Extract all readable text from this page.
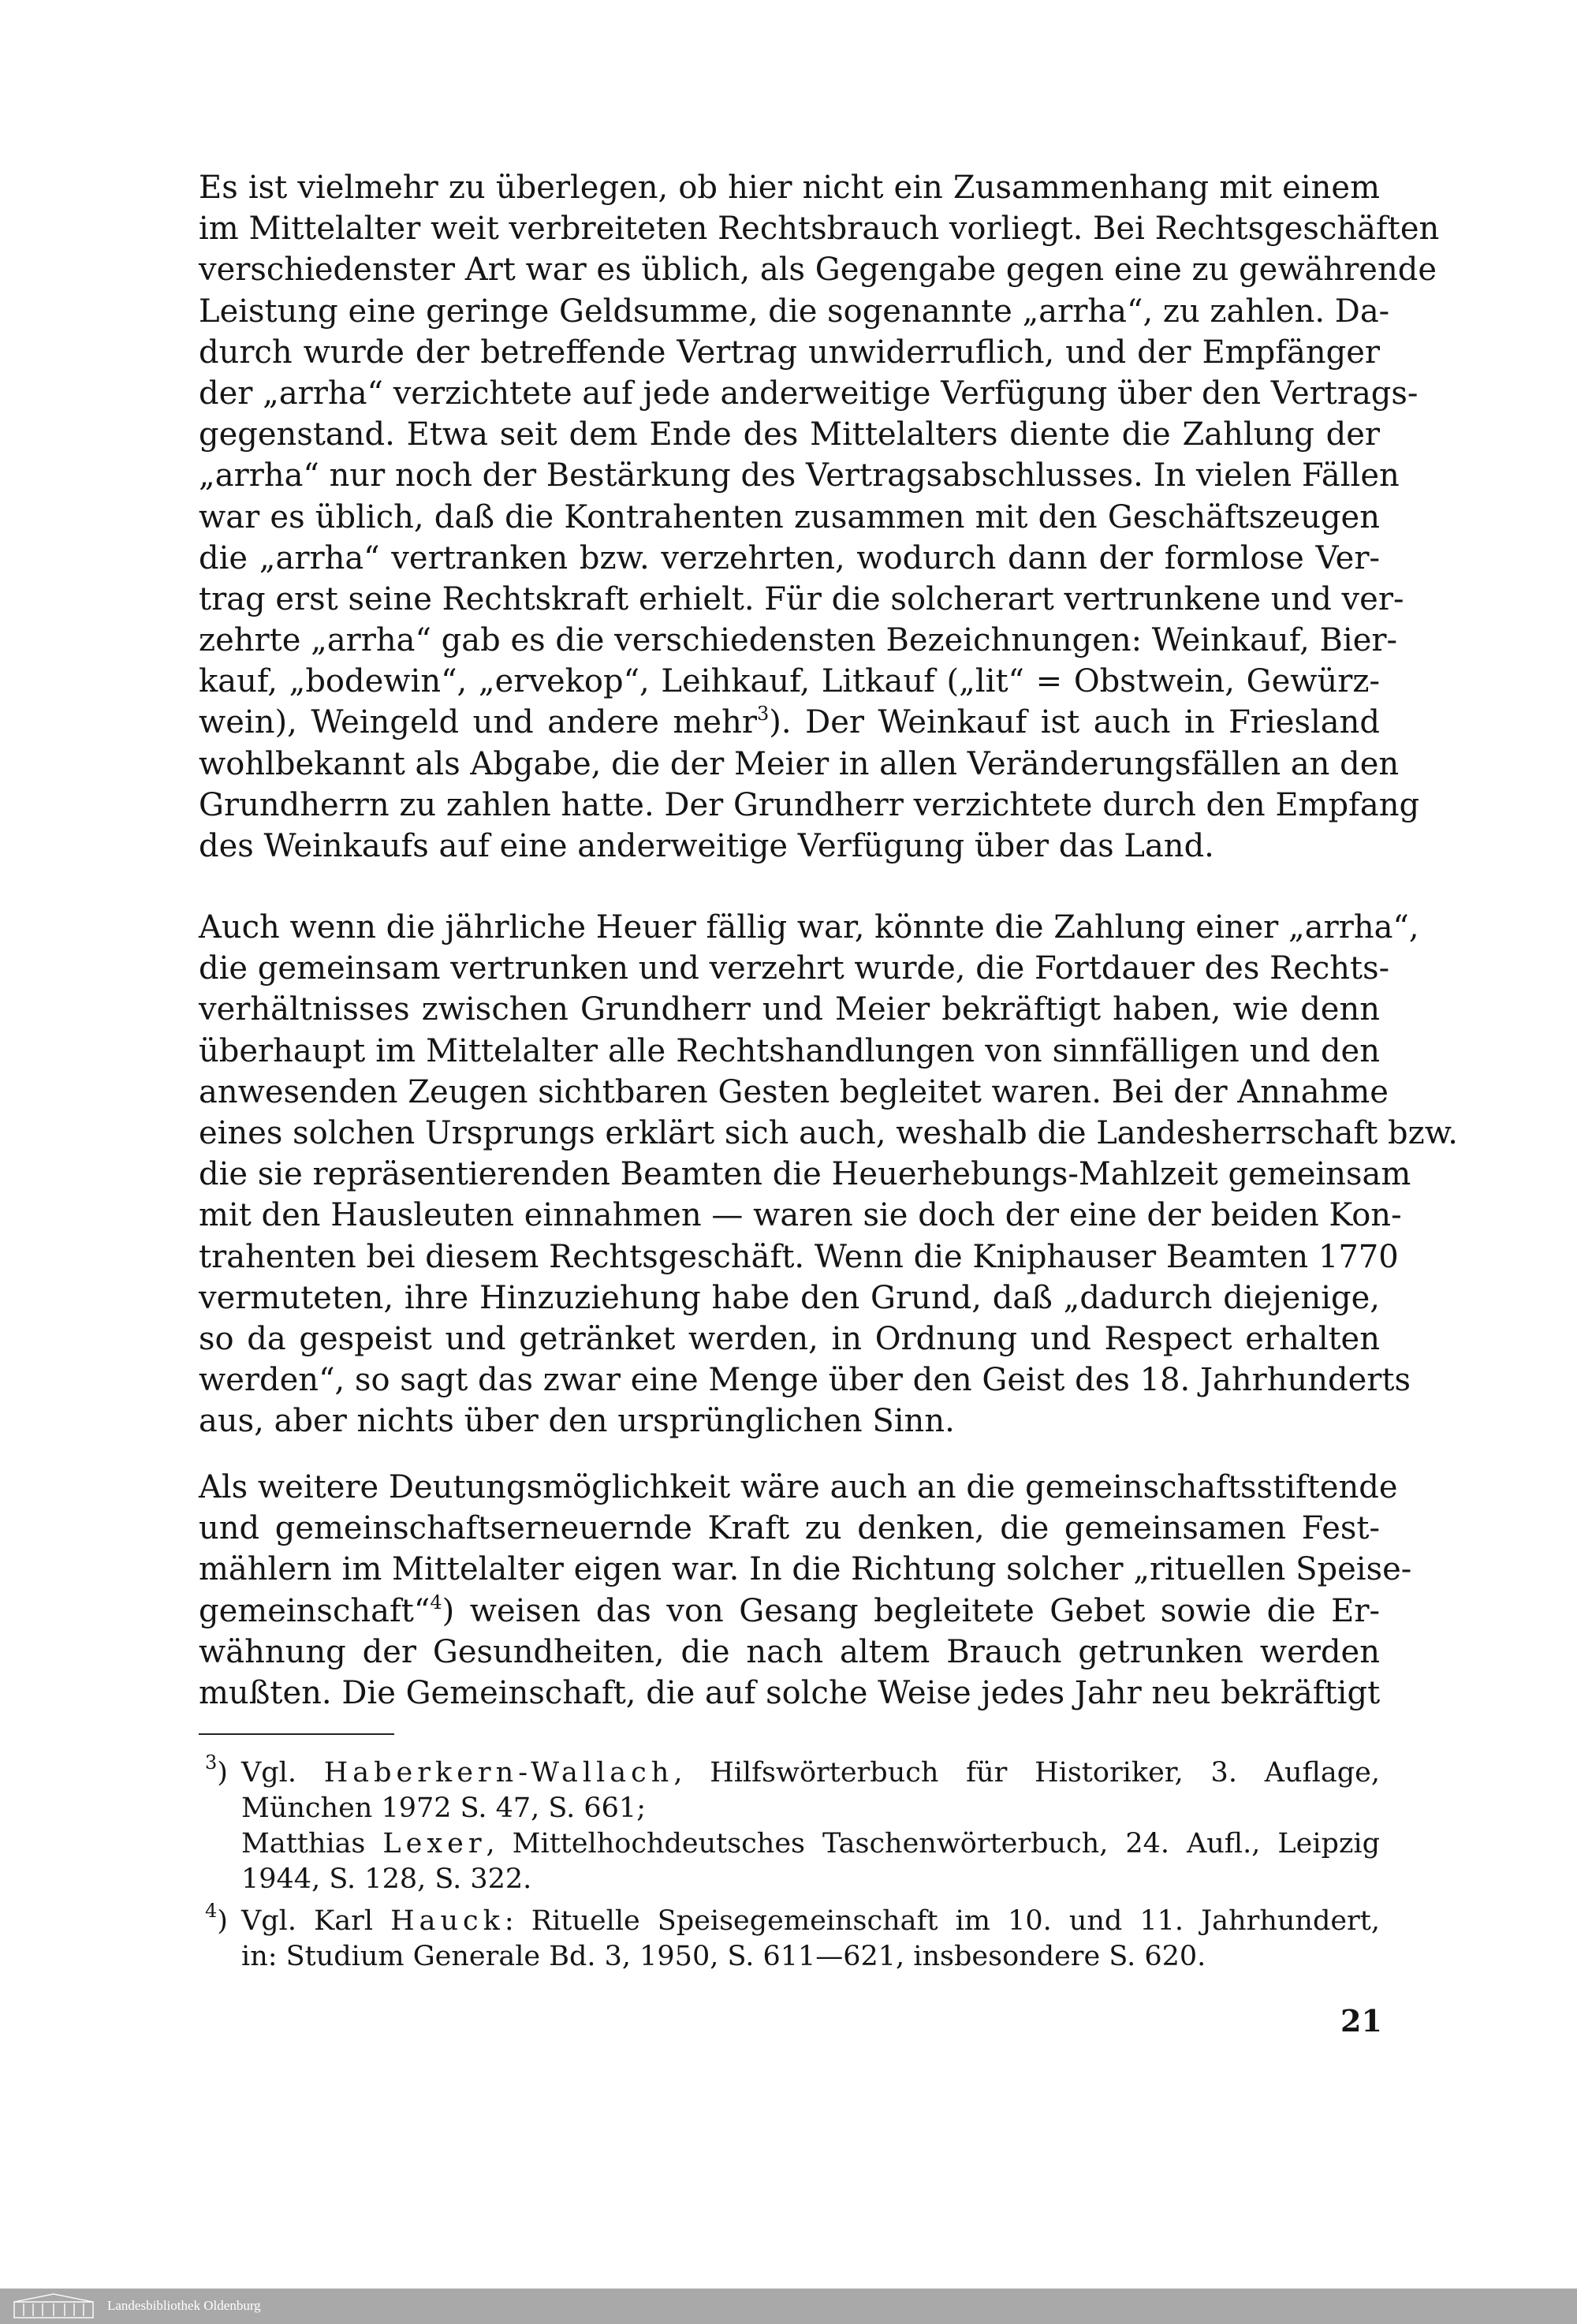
Es ist vielmehr zu überlegen, ob hier nicht ein Zusammenhang mit einem
im Mittelalter weit verbreiteten Rechtsbrauch vorliegt. Bei Rechtsgeschäften
verschiedenster Art war es üblich, als Gegengabe gegen eine zu gewährende
Leistung eine geringe Geldsumme, die sogenannte „arrha“, zu zahlen. Da-
durch wurde der betreffende Vertrag unwiderruflich, und der Empfänger
der „arrha“ verzichtete auf jede anderweitige Verfügung über den Vertrags-
gegenstand. Etwa seit dem Ende des Mittelalters diente die Zahlung der
„arrha“ nur noch der Bestärkung des Vertragsabschlusses. In vielen Fällen
war es üblich, daß die Kontrahenten zusammen mit den Geschäftszeugen
die „arrha“ vertranken bzw. verzehrten, wodurch dann der formlose Ver-
trag erst seine Rechtskraft erhielt. Für die solcherart vertrunkene und ver-
zehrte „arrha“ gab es die verschiedensten Bezeichnungen: Weinkauf, Bier-
kauf, „bodewin“, „ervekop“, Leihkauf, Litkauf („lit“ = Obstwein, Gewürz-
wein), Weingeld und andere mehr$^3$). Der Weinkauf ist auch in Friesland
wohlbekannt als Abgabe, die der Meier in allen Veränderungsfällen an den
Grundherrn zu zahlen hatte. Der Grundherr verzichtete durch den Empfang
des Weinkaufs auf eine anderweitige Verfügung über das Land.
Auch wenn die jährliche Heuer fällig war, könnte die Zahlung einer „arrha“,
die gemeinsam vertrunken und verzehrt wurde, die Fortdauer des Rechts-
verhältnisses zwischen Grundherr und Meier bekräftigt haben, wie denn
überhaupt im Mittelalter alle Rechtshandlungen von sinnfälligen und den
anwesenden Zeugen sichtbaren Gesten begleitet waren. Bei der Annahme
eines solchen Ursprungs erklärt sich auch, weshalb die Landesherrschaft bzw.
die sie repräsentierenden Beamten die Heuerhebungs-Mahlzeit gemeinsam
mit den Hausleuten einnahmen — waren sie doch der eine der beiden Kon-
trahenten bei diesem Rechtsgeschäft. Wenn die Kniphauser Beamten 1770
vermuteten, ihre Hinzuziehung habe den Grund, daß „dadurch diejenige,
so da gespeist und getränket werden, in Ordnung und Respect erhalten
werden“, so sagt das zwar eine Menge über den Geist des 18. Jahrhunderts
aus, aber nichts über den ursprünglichen Sinn.
Als weitere Deutungsmöglichkeit wäre auch an die gemeinschaftsstiftende
und gemeinschaftserneuernde Kraft zu denken, die gemeinsamen Fest-
mählern im Mittelalter eigen war. In die Richtung solcher „rituellen Speise-
gemeinschaft“$^4$) weisen das von Gesang begleitete Gebet sowie die Er-
wähnung der Gesundheiten, die nach altem Brauch getrunken werden
mußten. Die Gemeinschaft, die auf solche Weise jedes Jahr neu bekräftigt
$^3$) Vgl. Haberkern-Wallach, Hilfswörterbuch für Historiker, 3. Auflage,
München 1972 S. 47, S. 661;
Matthias Lexer, Mittelhochdeutsches Taschenwörterbuch, 24. Aufl., Leipzig
1944, S. 128, S. 322.
$^4$) Vgl. Karl Hauck: Rituelle Speisegemeinschaft im 10. und 11. Jahrhundert,
in: Studium Generale Bd. 3, 1950, S. 611—621, insbesondere S. 620.
21
Landesbibliothek Oldenburg
